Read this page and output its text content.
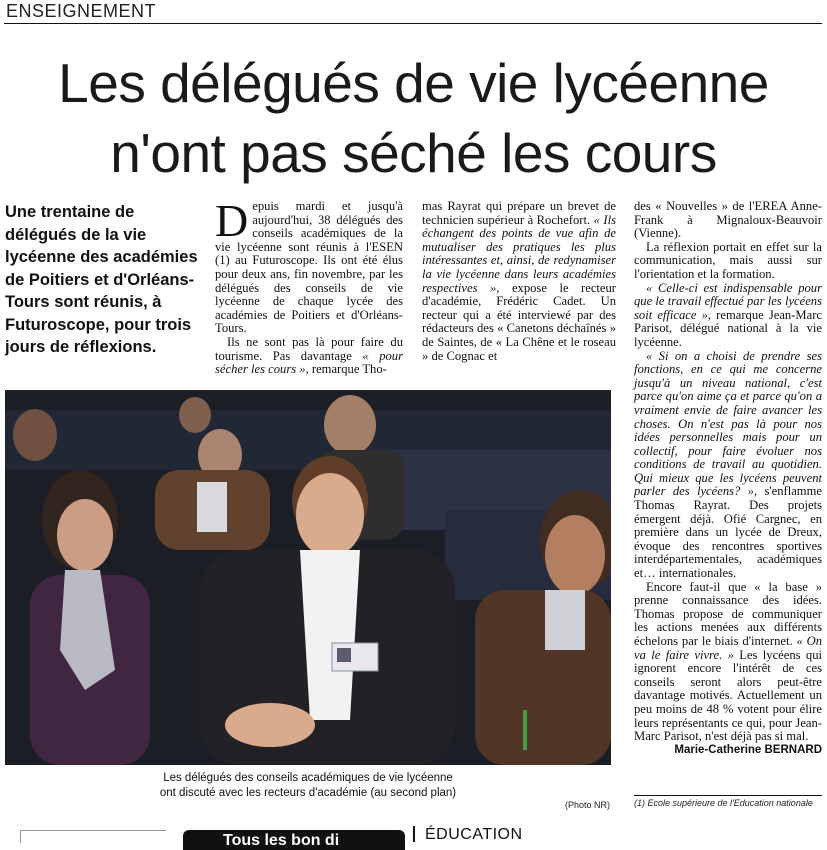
ENSEIGNEMENT
Les délégués de vie lycéenne
n'ont pas séché les cours
Une trentaine de délégués de la vie lycéenne des académies de Poitiers et d'Orléans-Tours sont réunis, à Futuroscope, pour trois jours de réflexions.

Depuis mardi et jusqu'à aujourd'hui, 38 délégués des conseils académiques de la vie lycéenne sont réunis à l'ESEN (1) au Futuroscope. Ils ont été élus pour deux ans, fin novembre, par les délégués des conseils de vie lycéenne de chaque lycée des académies de Poitiers et d'Orléans-Tours.

Ils ne sont pas là pour faire du tourisme. Pas davantage « pour sécher les cours », remarque Tho-

mas Rayrat qui prépare un brevet de technicien supérieur à Rochefort. « Ils échangent des points de vue afin de mutualiser des pratiques les plus intéressantes et, ainsi, de redynamiser la vie lycéenne dans leurs académies respectives », expose le recteur d'académie, Frédéric Cadet. Un recteur qui a été interviewé par des rédacteurs des « Canetons déchaînés » de Saintes, de « La Chêne et le roseau » de Cognac et

des « Nouvelles » de l'EREA Anne-Frank à Mignaloux-Beauvoir (Vienne).

La réflexion portait en effet sur la communication, mais aussi sur l'orientation et la formation.

« Celle-ci est indispensable pour que le travail effectué par les lycéens soit efficace », remarque Jean-Marc Parisot, délégué national à la vie lycéenne.

« Si on a choisi de prendre ses fonctions, en ce qui me concerne jusqu'à un niveau national, c'est parce qu'on aime ça et parce qu'on a vraiment envie de faire avancer les choses. On n'est pas là pour nos idées personnelles mais pour un collectif, pour faire évoluer nos conditions de travail au quotidien. Qui mieux que les lycéens peuvent parler des lycéens? », s'enflamme Thomas Rayrat. Des projets émergent déjà. Ofié Cargnec, en première dans un lycée de Dreux, évoque des rencontres sportives interdépartementales, académiques et… internationales.

Encore faut-il que « la base » prenne connaissance des idées. Thomas propose de communiquer les actions menées aux différents échelons par le biais d'internet. « On va le faire vivre. » Les lycéens qui ignorent encore l'intérêt de ces conseils seront alors peut-être davantage motivés. Actuellement un peu moins de 48 % votent pour élire leurs représentants ce qui, pour Jean-Marc Parisot, n'est déjà pas si mal.

Marie-Catherine BERNARD

Les délégués des conseils académiques de vie lycéenne
ont discuté avec les recteurs d'académie (au second plan)
(Photo NR)	(1) Ecole supérieure de l'Education nationale
Tous les bon di	ÉDUCATION
